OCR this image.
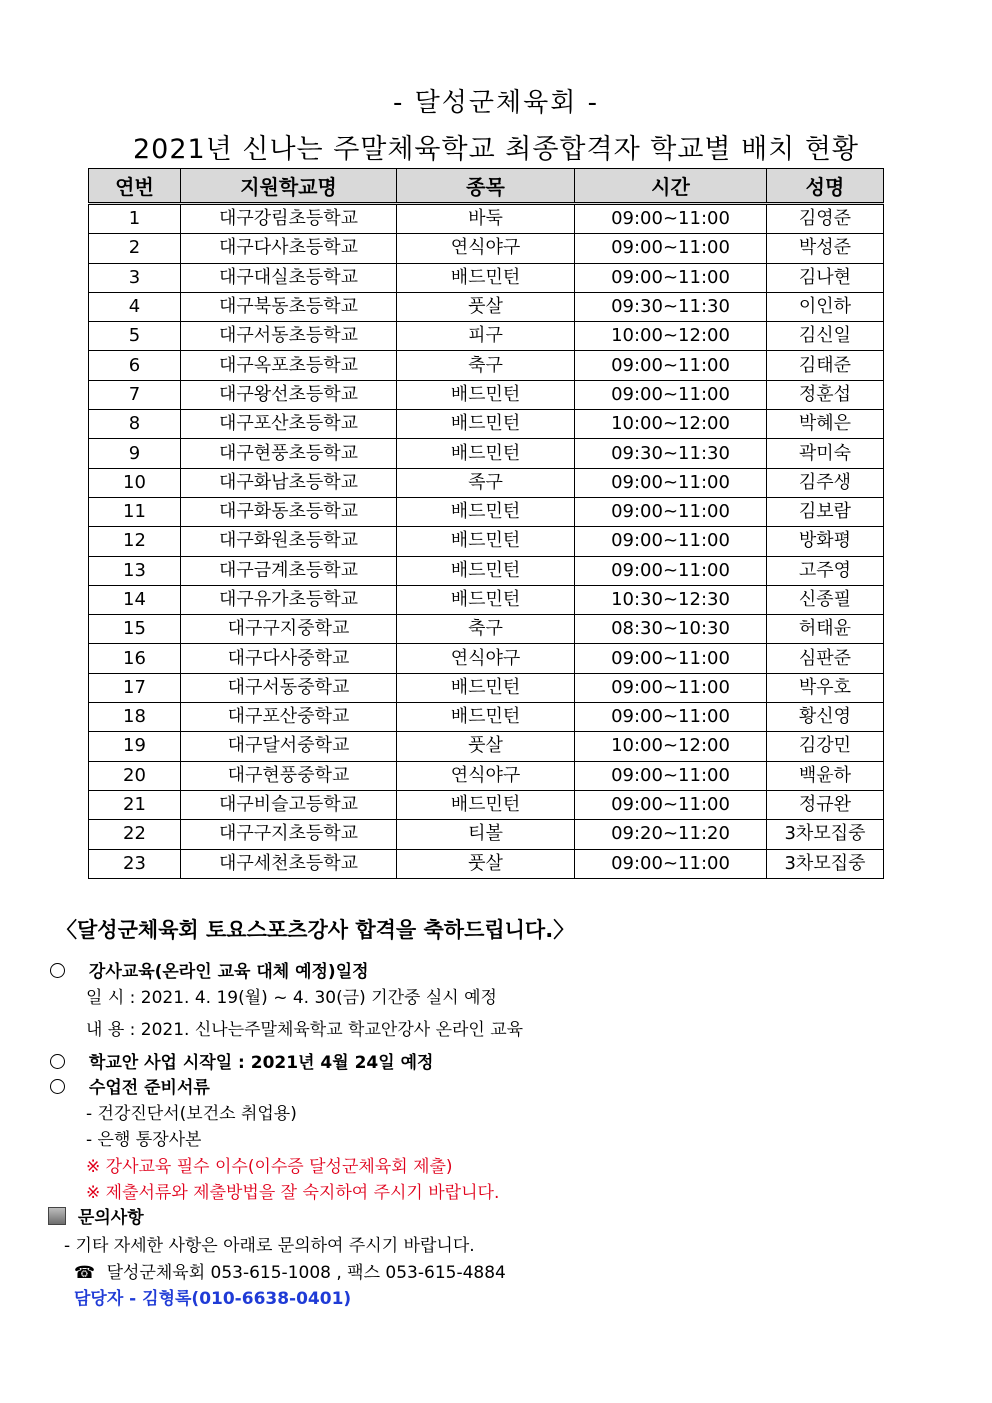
- 달성군체육회 -
2021년 신나는 주말체육학교 최종합격자 학교별 배치 현황
연번	지원학교명	종목	시간	성명
1	대구강림초등학교	바둑	09:00~11:00	김영준
2	대구다사초등학교	연식야구	09:00~11:00	박성준
3	대구대실초등학교	배드민턴	09:00~11:00	김나현
4	대구북동초등학교	풋살	09:30~11:30	이인하
5	대구서동초등학교	피구	10:00~12:00	김신일
6	대구옥포초등학교	축구	09:00~11:00	김태준
7	대구왕선초등학교	배드민턴	09:00~11:00	정훈섭
8	대구포산초등학교	배드민턴	10:00~12:00	박혜은
9	대구현풍초등학교	배드민턴	09:30~11:30	곽미숙
10	대구화남초등학교	족구	09:00~11:00	김주생
11	대구화동초등학교	배드민턴	09:00~11:00	김보람
12	대구화원초등학교	배드민턴	09:00~11:00	방화평
13	대구금계초등학교	배드민턴	09:00~11:00	고주영
14	대구유가초등학교	배드민턴	10:30~12:30	신종필
15	대구구지중학교	축구	08:30~10:30	허태윤
16	대구다사중학교	연식야구	09:00~11:00	심판준
17	대구서동중학교	배드민턴	09:00~11:00	박우호
18	대구포산중학교	배드민턴	09:00~11:00	황신영
19	대구달서중학교	풋살	10:00~12:00	김강민
20	대구현풍중학교	연식야구	09:00~11:00	백윤하
21	대구비슬고등학교	배드민턴	09:00~11:00	정규완
22	대구구지초등학교	티볼	09:20~11:20	3차모집중
23	대구세천초등학교	풋살	09:00~11:00	3차모집중
〈달성군체육회 토요스포츠강사 합격을 축하드립니다.〉
강사교육(온라인 교육 대체 예정)일정
일 시 : 2021. 4. 19(월) ~ 4. 30(금) 기간중 실시 예정
내 용 : 2021. 신나는주말체육학교 학교안강사 온라인 교육
학교안 사업 시작일 : 2021년 4월 24일 예정
수업전 준비서류
- 건강진단서(보건소 취업용)
- 은행 통장사본
※ 강사교육 필수 이수(이수증 달성군체육회 제출)
※ 제출서류와 제출방법을 잘 숙지하여 주시기 바랍니다.
문의사항
- 기타 자세한 사항은 아래로 문의하여 주시기 바랍니다.
☎ 달성군체육회 053-615-1008 , 팩스 053-615-4884
담당자 - 김형록(010-6638-0401)
